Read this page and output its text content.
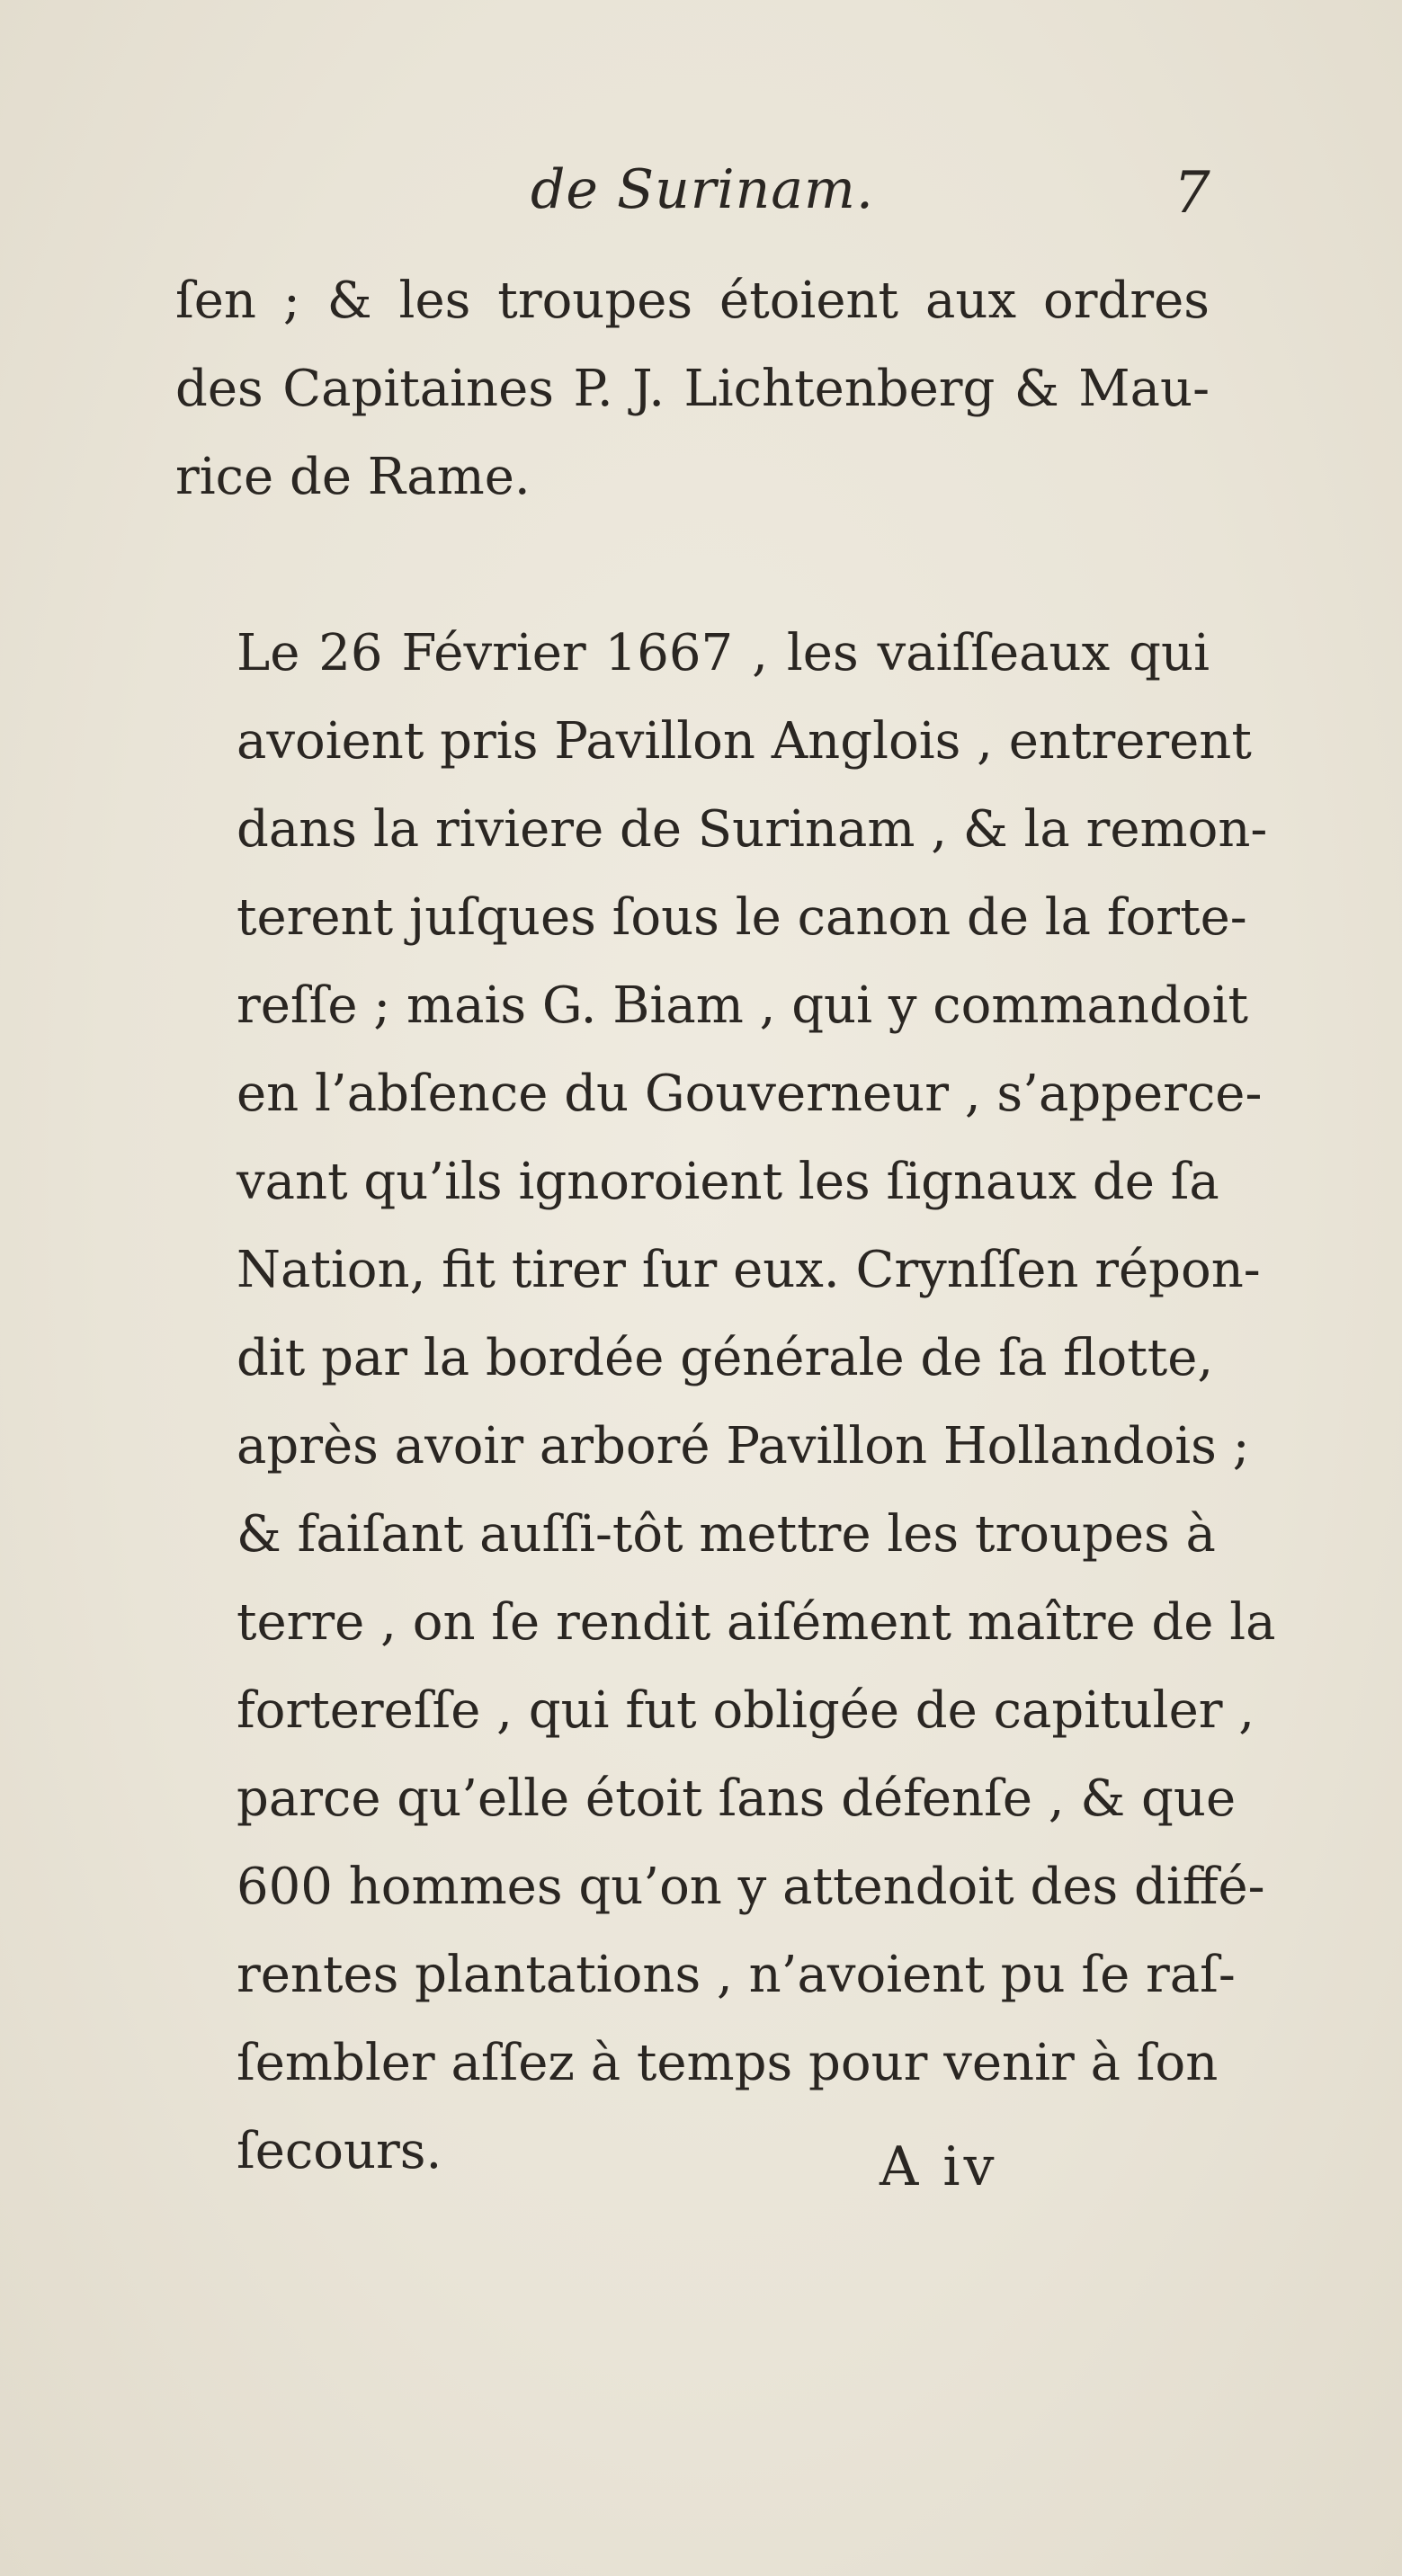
de Surinam.	7

ſen ; & les troupes étoient aux ordres
des Capitaines P. J. Lichtenberg & Mau-
rice de Rame.

Le 26 Février 1667 , les vaiſſeaux qui
avoient pris Pavillon Anglois , entrerent
dans la riviere de Surinam , & la remon-
terent juſques ſous le canon de la forte-
reſſe ; mais G. Biam , qui y commandoit
en l’abſence du Gouverneur , s’apperce-
vant qu’ils ignoroient les ſignaux de ſa
Nation, fit tirer ſur eux. Crynſſen répon-
dit par la bordée générale de ſa flotte,
après avoir arboré Pavillon Hollandois ;
& faiſant auſſi-tôt mettre les troupes à
terre , on ſe rendit aiſément maître de la
fortereſſe , qui fut obligée de capituler ,
parce qu’elle étoit ſans défenſe , & que
600 hommes qu’on y attendoit des diffé-
rentes plantations , n’avoient pu ſe raſ-
ſembler aſſez à temps pour venir à ſon
ſecours.	A iv
